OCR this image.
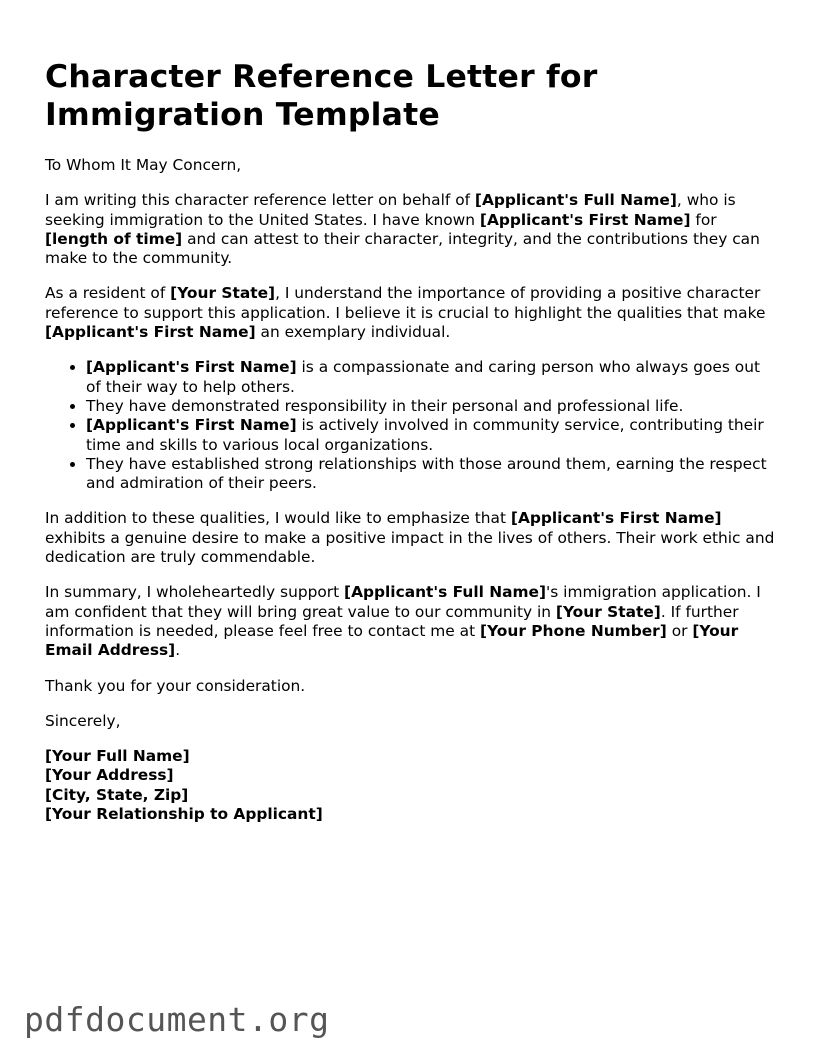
Character Reference Letter for
Immigration Template

To Whom It May Concern,

I am writing this character reference letter on behalf of [Applicant's Full Name], who is seeking immigration to the United States. I have known [Applicant's First Name] for [length of time] and can attest to their character, integrity, and the contributions they can make to the community.

As a resident of [Your State], I understand the importance of providing a positive character reference to support this application. I believe it is crucial to highlight the qualities that make [Applicant's First Name] an exemplary individual.

• [Applicant's First Name] is a compassionate and caring person who always goes out of their way to help others.
• They have demonstrated responsibility in their personal and professional life.
• [Applicant's First Name] is actively involved in community service, contributing their time and skills to various local organizations.
• They have established strong relationships with those around them, earning the respect and admiration of their peers.

In addition to these qualities, I would like to emphasize that [Applicant's First Name] exhibits a genuine desire to make a positive impact in the lives of others. Their work ethic and dedication are truly commendable.

In summary, I wholeheartedly support [Applicant's Full Name]'s immigration application. I am confident that they will bring great value to our community in [Your State]. If further information is needed, please feel free to contact me at [Your Phone Number] or [Your Email Address].

Thank you for your consideration.

Sincerely,

[Your Full Name]
[Your Address]
[City, State, Zip]
[Your Relationship to Applicant]
pdfdocument.org
